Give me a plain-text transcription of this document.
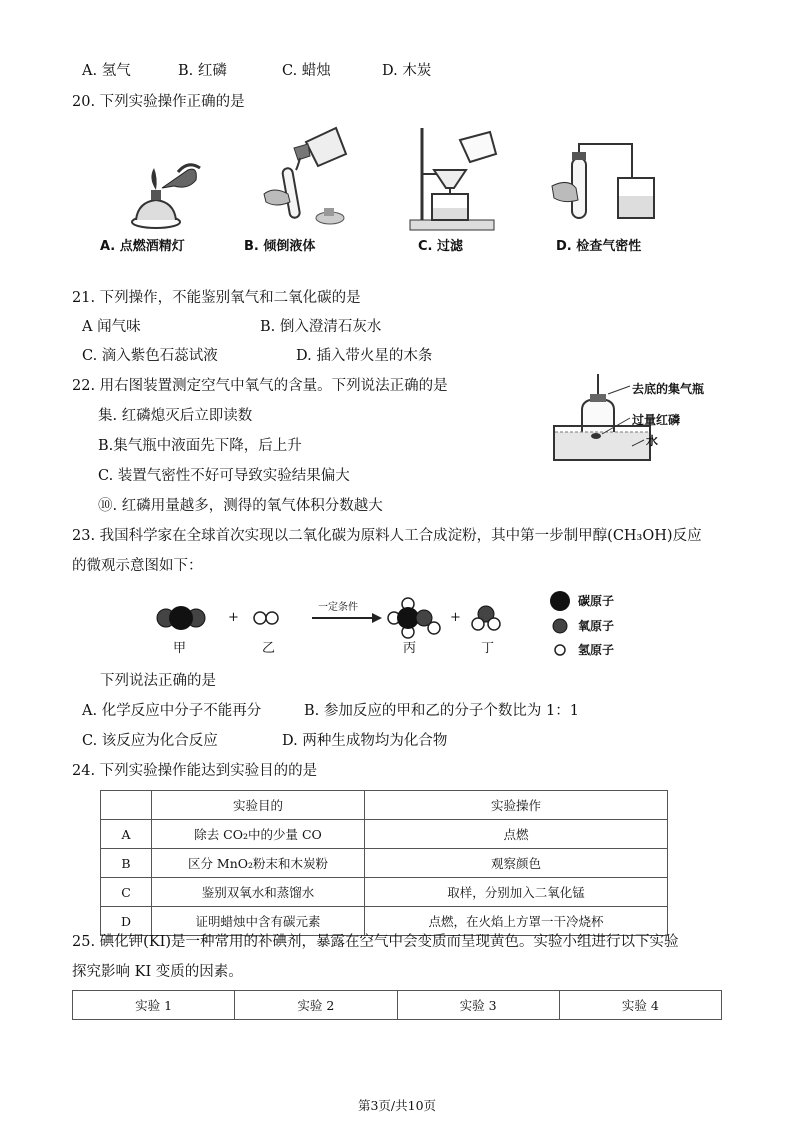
A. 氢气	B. 红磷	C. 蜡烛	D. 木炭
20. 下列实验操作正确的是
A. 点燃酒精灯	B. 倾倒液体	C. 过滤	D. 检查气密性
21. 下列操作，不能鉴别氧气和二氧化碳的是
A 闻气味	B. 倒入澄清石灰水
C. 滴入紫色石蕊试液	D. 插入带火星的木条
22. 用右图装置测定空气中氧气的含量。下列说法正确的是
集. 红磷熄灭后立即读数
B.集气瓶中液面先下降，后上升
C. 装置气密性不好可导致实验结果偏大
⑩. 红磷用量越多，测得的氧气体积分数越大
去底的集气瓶
过量红磷
水
23. 我国科学家在全球首次实现以二氧化碳为原料人工合成淀粉，其中第一步制甲醇(CH₃OH)反应
的微观示意图如下：
+	+
一定条件
甲	乙	丙	丁
碳原子
氧原子
氢原子
下列说法正确的是
A. 化学反应中分子不能再分	B. 参加反应的甲和乙的分子个数比为 1：1
C. 该反应为化合反应	D. 两种生成物均为化合物
24. 下列实验操作能达到实验目的的是
	实验目的	实验操作
A	除去 CO₂中的少量 CO	点燃
B	区分 MnO₂粉末和木炭粉	观察颜色
C	鉴别双氧水和蒸馏水	取样，分别加入二氧化锰
D	证明蜡烛中含有碳元素	点燃，在火焰上方罩一干冷烧杯
25. 碘化钾(KI)是一种常用的补碘剂，暴露在空气中会变质而呈现黄色。实验小组进行以下实验
探究影响 KI 变质的因素。
实验 1	实验 2	实验 3	实验 4
第3页/共10页
